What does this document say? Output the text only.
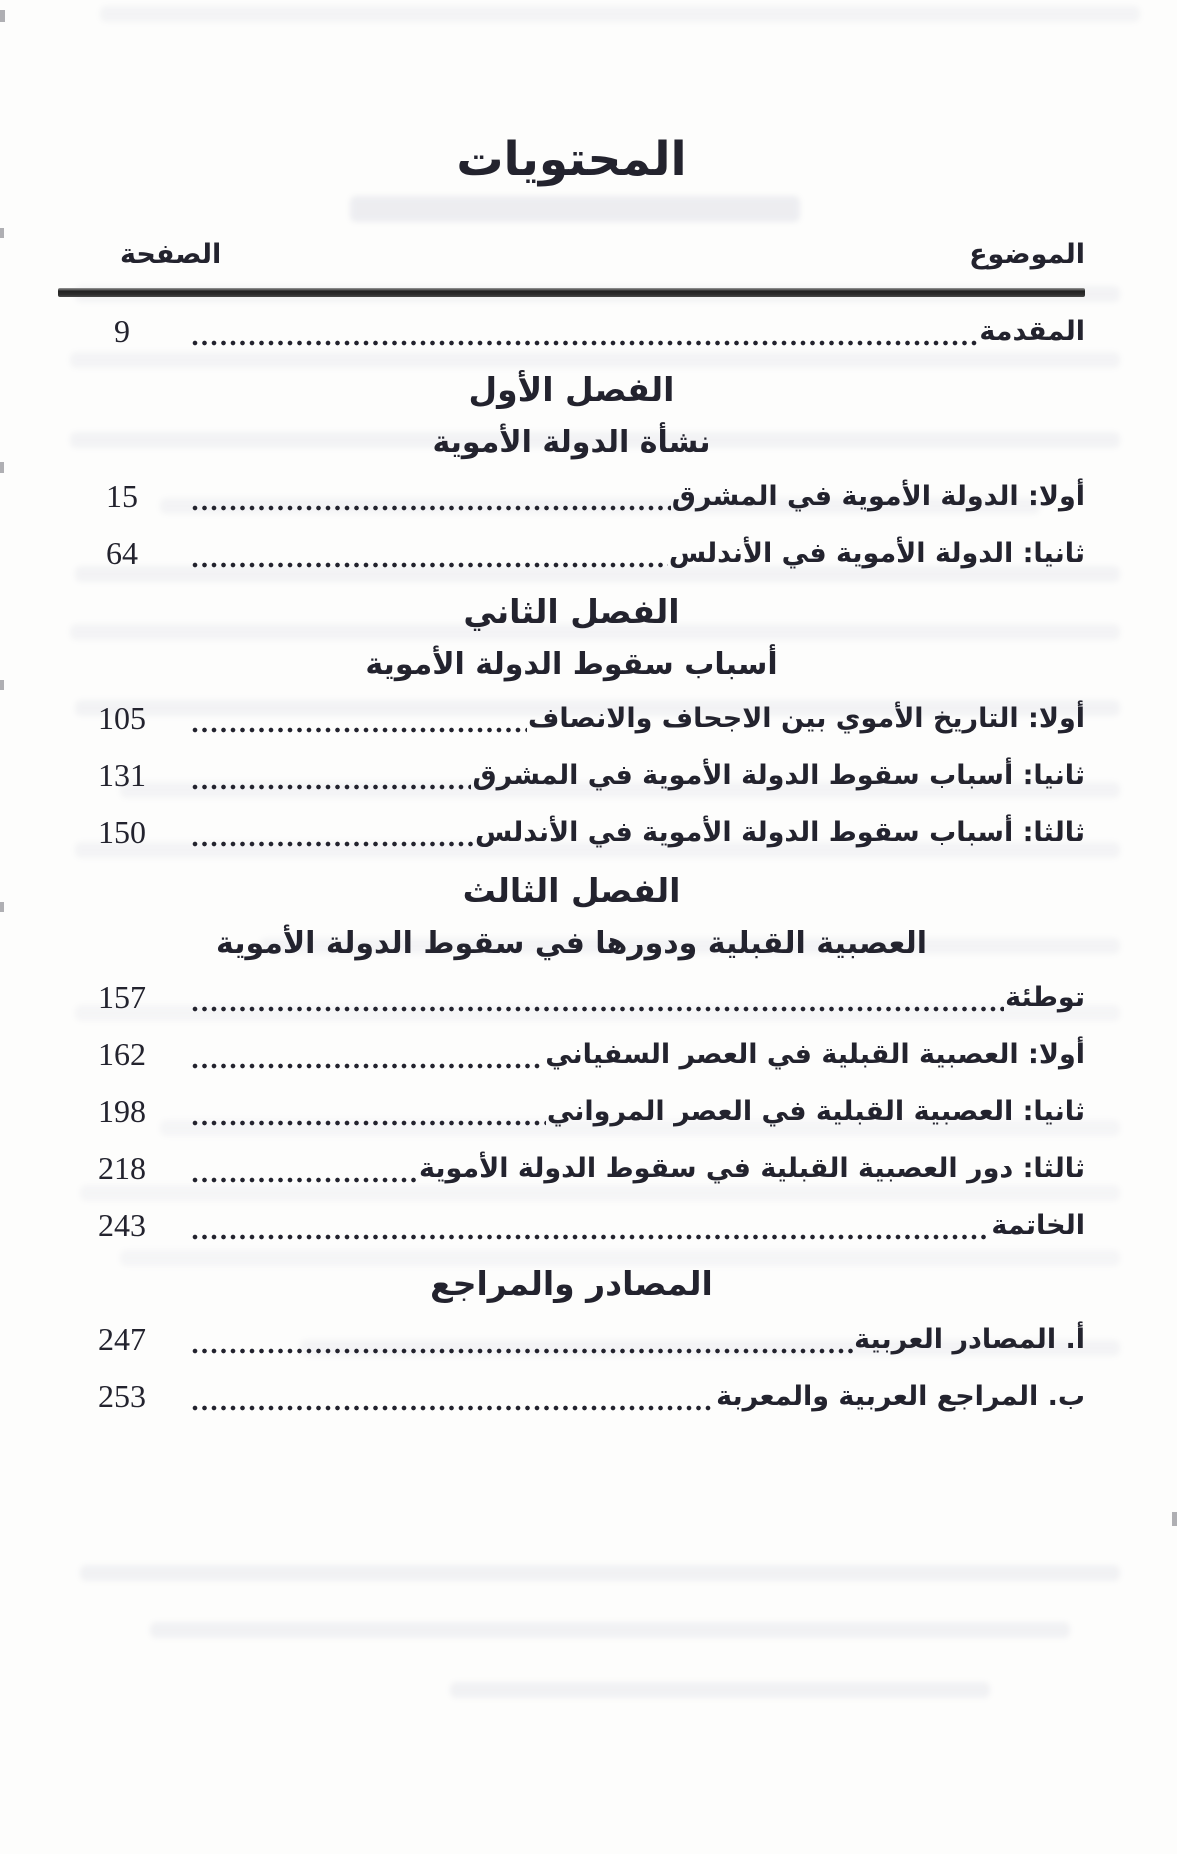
المحتويات
الموضوع
الصفحة
المقدمة
9
الفصل الأول
نشأة الدولة الأموية
أولا: الدولة الأموية في المشرق
15
ثانيا: الدولة الأموية في الأندلس
64
الفصل الثاني
أسباب سقوط الدولة الأموية
أولا: التاريخ الأموي بين الاجحاف والانصاف
105
ثانيا: أسباب سقوط الدولة الأموية في المشرق
131
ثالثا: أسباب سقوط الدولة الأموية في الأندلس
150
الفصل الثالث
العصبية القبلية ودورها في سقوط الدولة الأموية
توطئة
157
أولا: العصبية القبلية في العصر السفياني
162
ثانيا: العصبية القبلية في العصر المرواني
198
ثالثا: دور العصبية القبلية في سقوط الدولة الأموية
218
الخاتمة
243
المصادر والمراجع
أ. المصادر العربية
247
ب. المراجع العربية والمعربة
253
